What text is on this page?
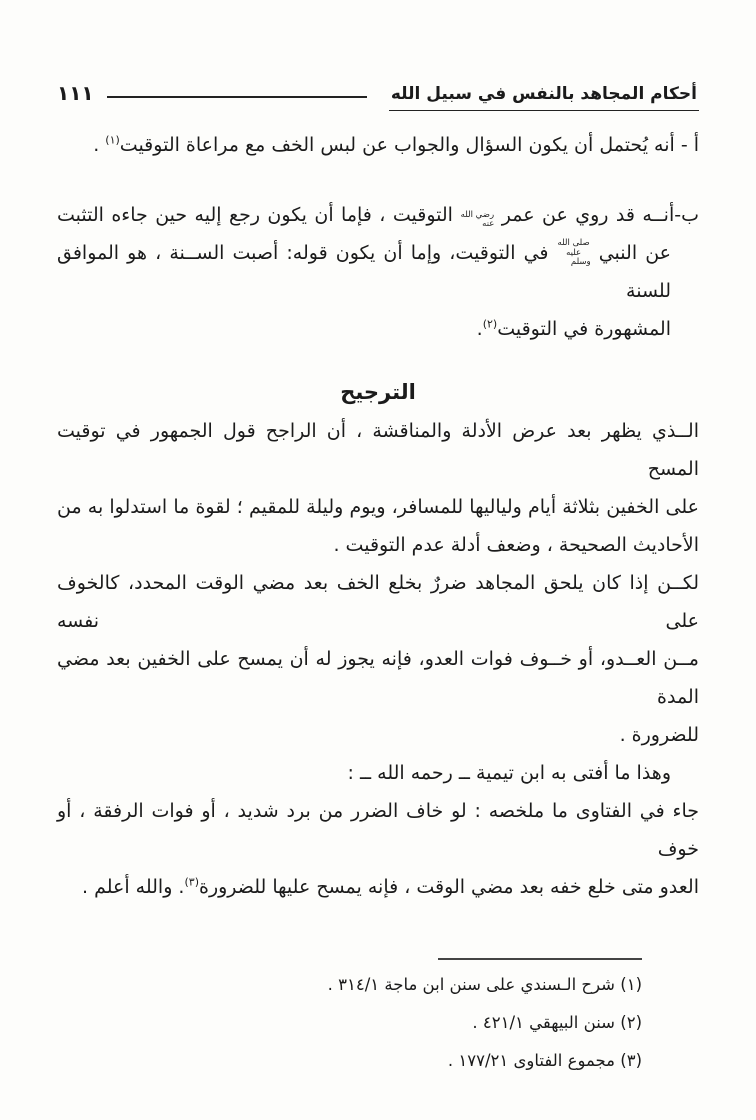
أحكام المجاهد بالنفس في سبيل الله
١١١
أ - أنه يُحتمل أن يكون السؤال والجواب عن لبس الخف مع مراعاة التوقيت$^{(١)}$ .
ب-أنــه قد روي عن عمر رضي الله عنه التوقيت ، فإما أن يكون رجع إليه حين جاءه التثبت
عن النبي صلى الله عليه وسلم في التوقيت، وإما أن يكون قوله: أصبت الســنة ، هو الموافق للسنة
المشهورة في التوقيت$^{(٢)}$.
الترجيح
الــذي يظهر بعد عرض الأدلة والمناقشة ، أن الراجح قول الجمهور في توقيت المسح
على الخفين بثلاثة أيام ولياليها للمسافر، ويوم وليلة للمقيم ؛ لقوة ما استدلوا به من
الأحاديث الصحيحة ، وضعف أدلة عدم التوقيت .
لكــن إذا كان يلحق المجاهد ضررٌ بخلع الخف بعد مضي الوقت المحدد، كالخوف على نفسه
مــن العــدو، أو خــوف فوات العدو، فإنه يجوز له أن يمسح على الخفين بعد مضي المدة
للضرورة .
وهذا ما أفتى به ابن تيمية ــ رحمه الله ــ :
جاء في الفتاوى ما ملخصه : لو خاف الضرر من برد شديد ، أو فوات الرفقة ، أو خوف
العدو متى خلع خفه بعد مضي الوقت ، فإنه يمسح عليها للضرورة$^{(٣)}$. والله أعلم .
(١) شرح الـسندي على سنن ابن ماجة ٣١٤/١ .
(٢) سنن البيهقي ٤٢١/١ .
(٣) مجموع الفتاوى ١٧٧/٢١ .
